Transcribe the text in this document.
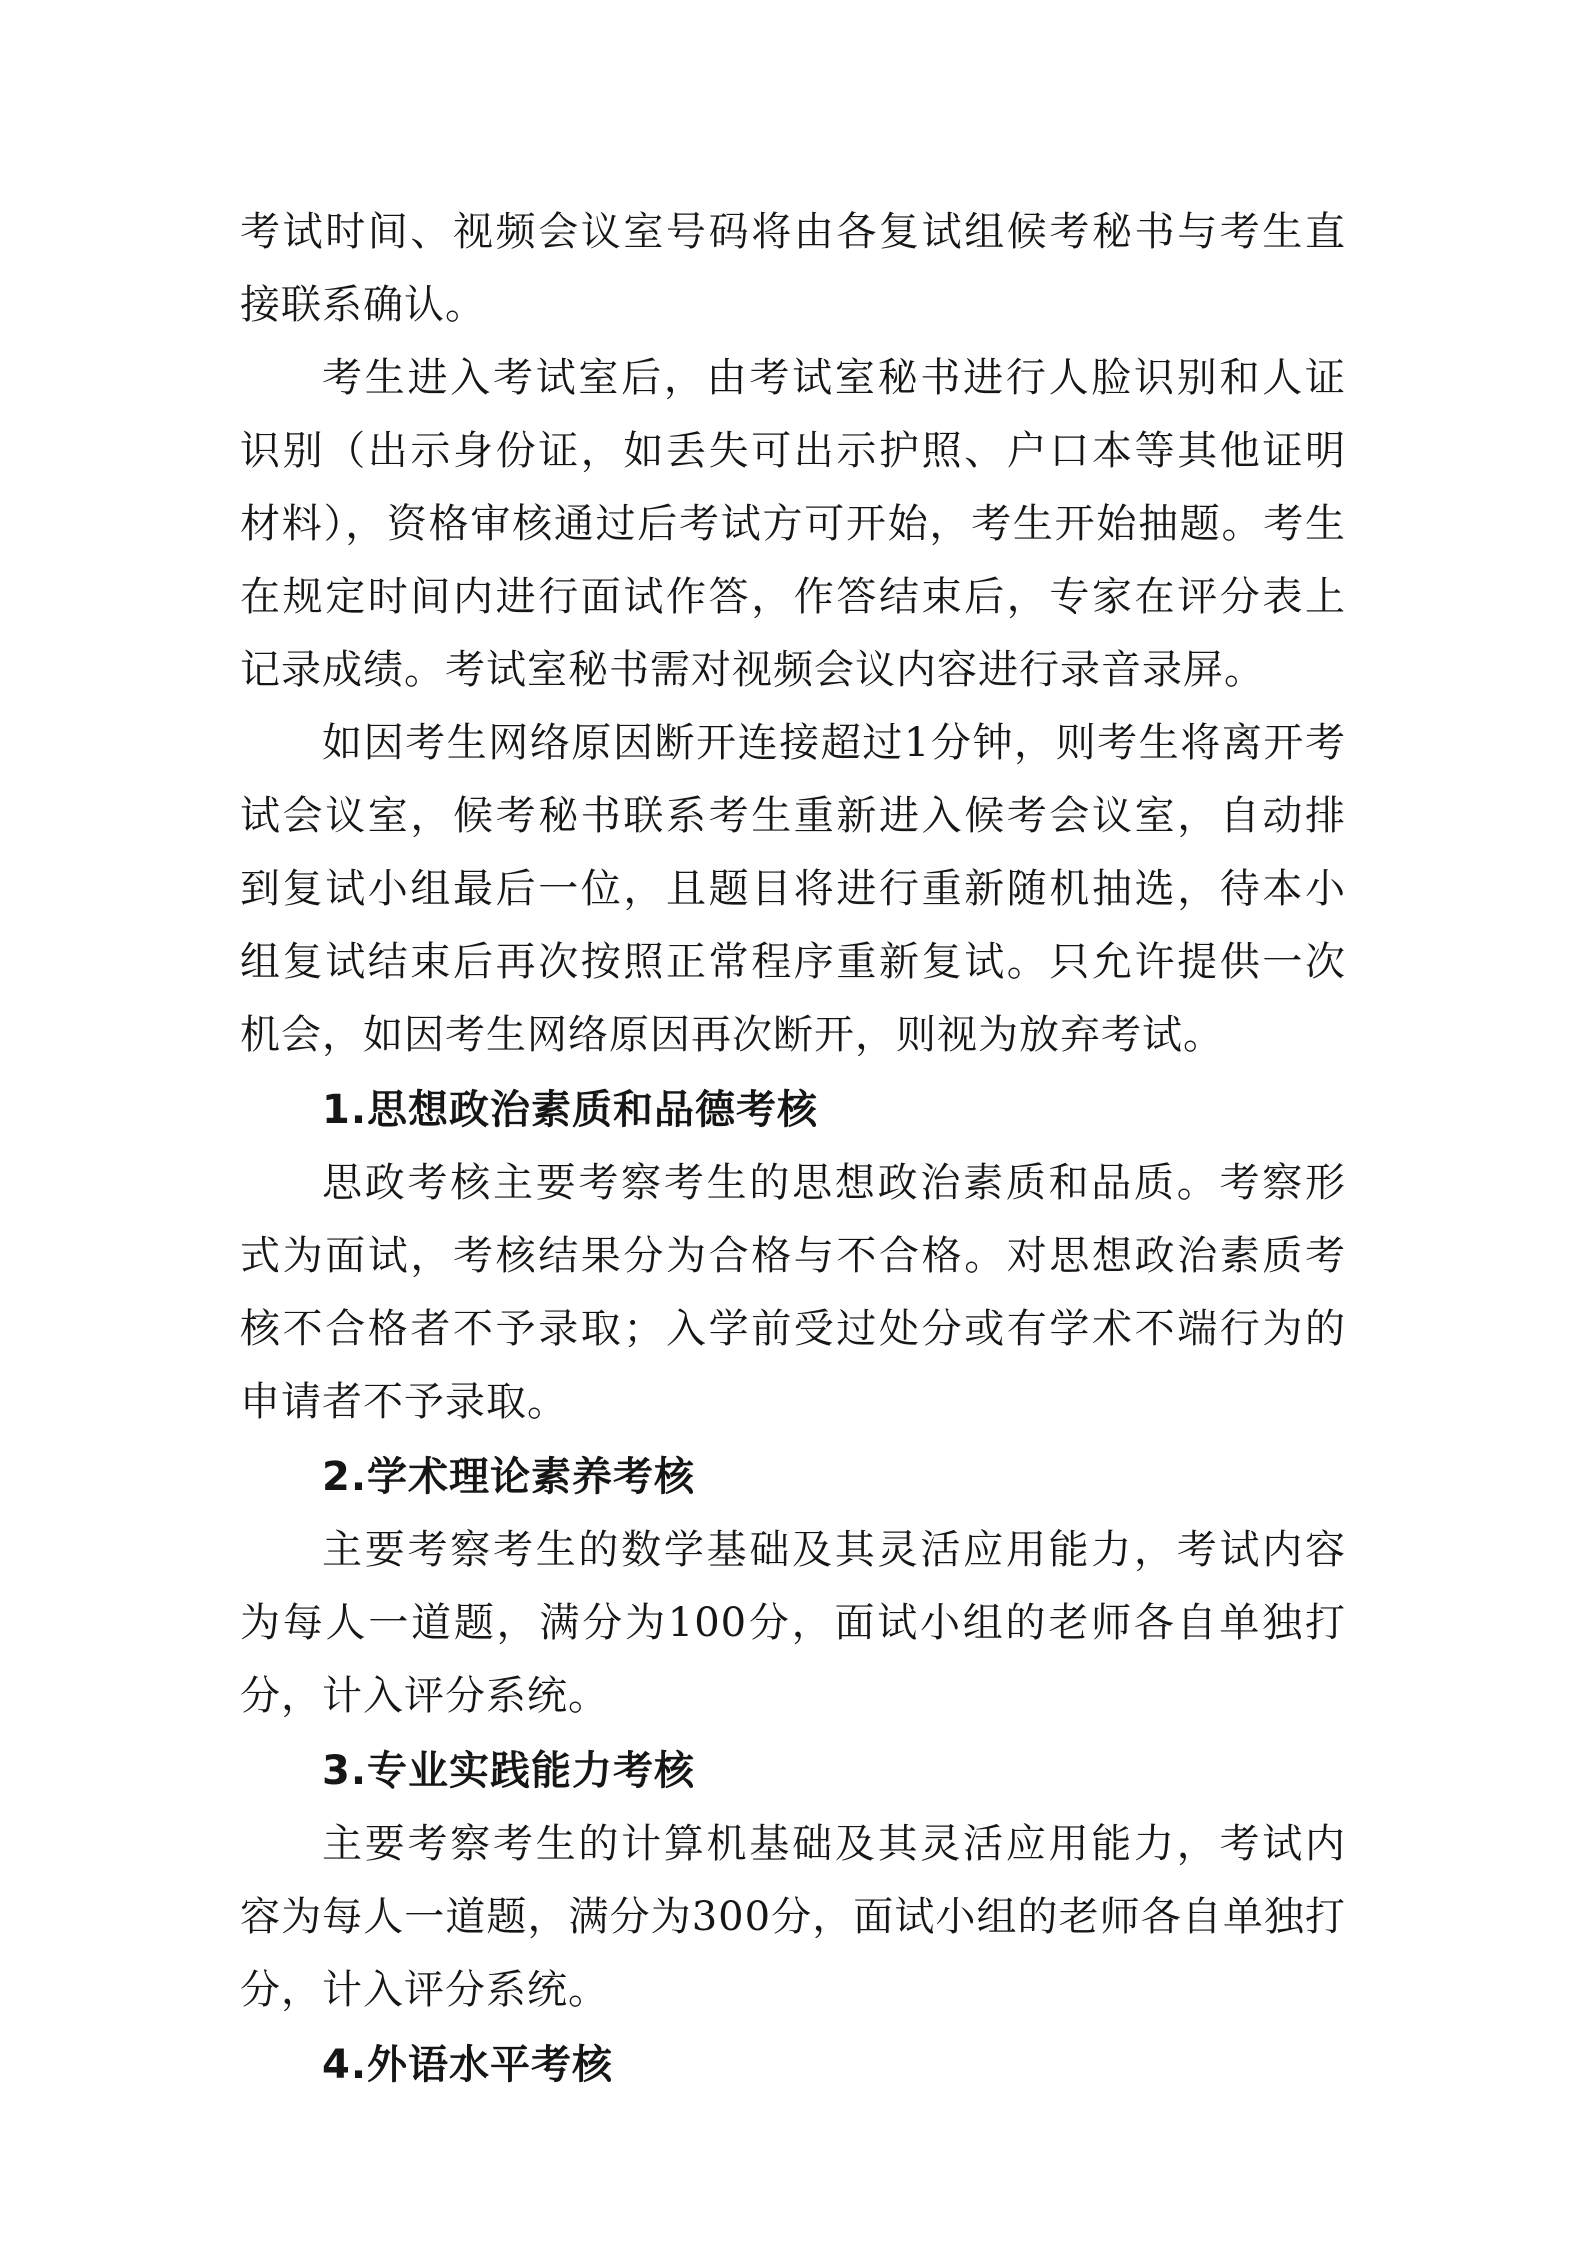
考试时间、视频会议室号码将由各复试组候考秘书与考生直接联系确认。

考生进入考试室后，由考试室秘书进行人脸识别和人证识别（出示身份证，如丢失可出示护照、户口本等其他证明材料），资格审核通过后考试方可开始，考生开始抽题。考生在规定时间内进行面试作答，作答结束后，专家在评分表上记录成绩。考试室秘书需对视频会议内容进行录音录屏。

如因考生网络原因断开连接超过1分钟，则考生将离开考试会议室，候考秘书联系考生重新进入候考会议室，自动排到复试小组最后一位，且题目将进行重新随机抽选，待本小组复试结束后再次按照正常程序重新复试。只允许提供一次机会，如因考生网络原因再次断开，则视为放弃考试。

1.思想政治素质和品德考核

思政考核主要考察考生的思想政治素质和品质。考察形式为面试，考核结果分为合格与不合格。对思想政治素质考核不合格者不予录取；入学前受过处分或有学术不端行为的申请者不予录取。

2.学术理论素养考核

主要考察考生的数学基础及其灵活应用能力，考试内容为每人一道题，满分为100分，面试小组的老师各自单独打分，计入评分系统。

3.专业实践能力考核

主要考察考生的计算机基础及其灵活应用能力，考试内容为每人一道题，满分为300分，面试小组的老师各自单独打分，计入评分系统。

4.外语水平考核
